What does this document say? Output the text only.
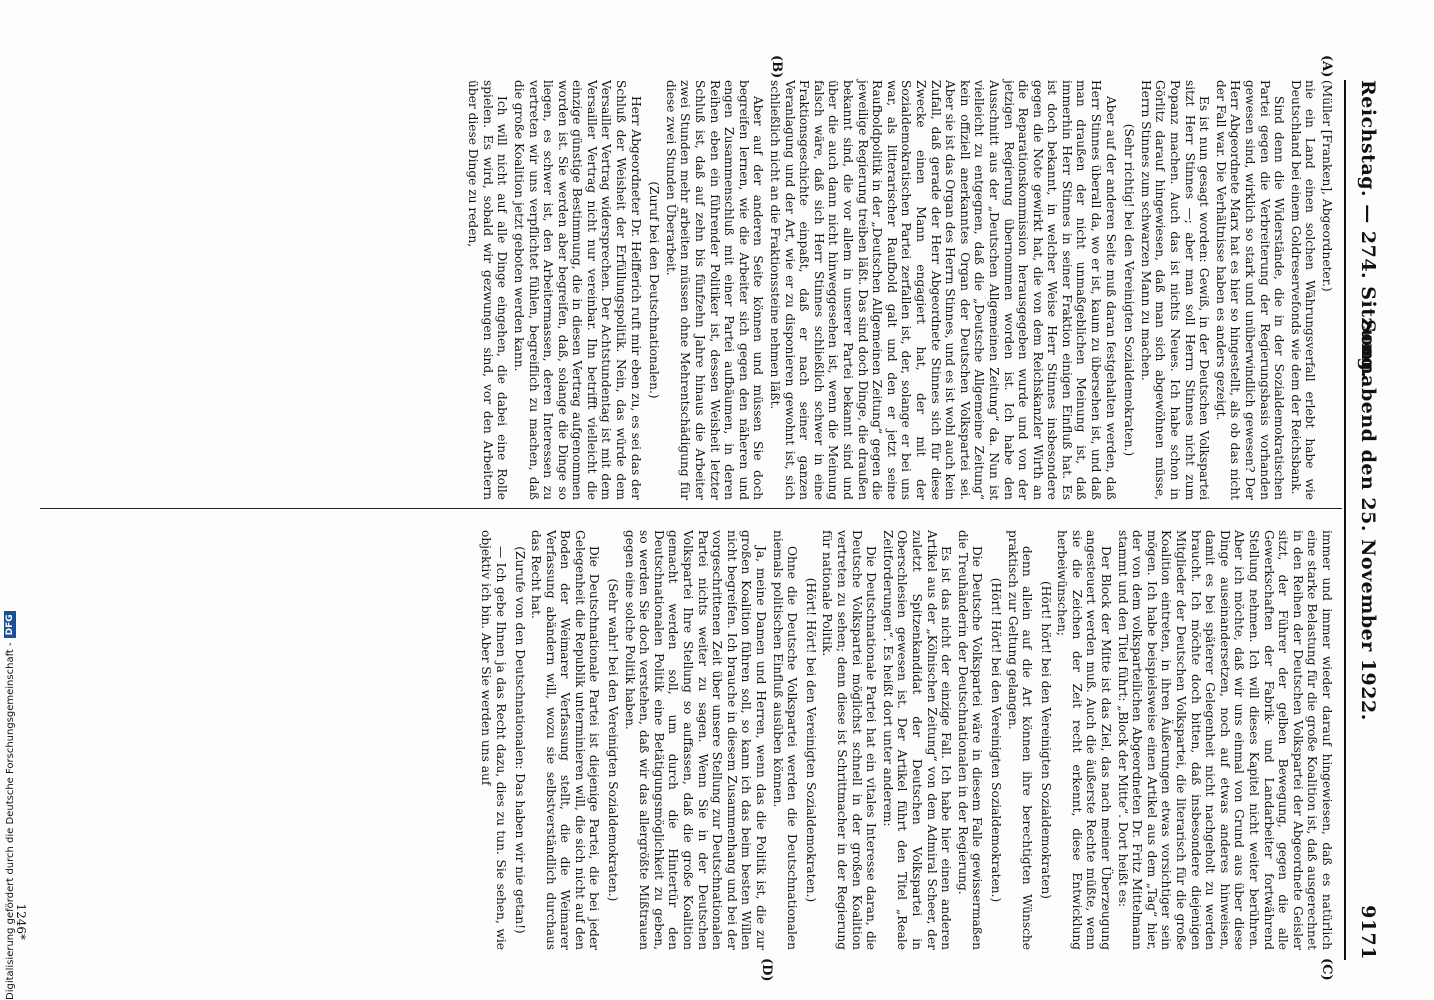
Reichstag. — 274. Sitzung.
Sonnabend den 25. November 1922.
9171
(A)
(B)
(C)
(D)

(Müller [Franken], Abgeordneter.)

nie ein Land einen solchen Währungsverfall erlebt habe wie Deutschland bei einem Goldreservefonds wie dem der Reichsbank.

Sind denn die Widerstände, die in der Sozialdemokratischen Partei gegen die Verbreiterung der Regierungsbasis vorhanden gewesen sind, wirklich so stark und unüberwindlich gewesen? Der Herr Abgeordnete Marx hat es hier so hingestellt, als ob das nicht der Fall war. Die Verhältnisse haben es anders gezeigt.

Es ist nun gesagt worden: Gewiß, in der Deutschen Volkspartei sitzt Herr Stinnes —; aber man soll Herrn Stinnes nicht zum Popanz machen. Auch das ist nichts Neues. Ich habe schon in Görlitz darauf hingewiesen, daß man sich abgewöhnen müsse, Herrn Stinnes zum schwarzen Mann zu machen.

(Sehr richtig! bei den Vereinigten Sozialdemokraten.)

Aber auf der anderen Seite muß daran festgehalten werden, daß Herr Stinnes überall da, wo er ist, kaum zu übersehen ist, und daß man draußen der nicht unmaßgeblichen Meinung ist, daß immerhin Herr Stinnes in seiner Fraktion einigen Einfluß hat. Es ist doch bekannt, in welcher Weise Herr Stinnes insbesondere gegen die Note gewirkt hat, die von dem Reichskanzler Wirth an die Reparationskommission herausgegeben wurde und von der jetzigen Regierung übernommen worden ist. Ich habe den Ausschnitt aus der „Deutschen Allgemeinen Zeitung“ da. Nun ist vielleicht zu entgegnen, daß die „Deutsche Allgemeine Zeitung“ kein offiziell anerkanntes Organ der Deutschen Volkspartei sei. Aber sie ist das Organ des Herrn Stinnes, und es ist wohl auch kein Zufall, daß gerade der Herr Abgeordnete Stinnes sich für diese Zwecke einen Mann engagiert hat, der mit der Sozialdemokratischen Partei zerfallen ist, der, solange er bei uns war, als litterarischer Raufbold galt und den er jetzt seine Raufboldpolitik in der „Deutschen Allgemeinen Zeitung“ gegen die jeweilige Regierung treiben läßt. Das sind doch Dinge, die draußen bekannt sind, die vor allem in unserer Partei bekannt sind und über die auch dann nicht hinweggesehen ist, wenn die Meinung falsch wäre, daß sich Herr Stinnes schließlich schwer in eine Fraktionsgeschichte einpaßt, daß er nach seiner ganzen Veranlagung und der Art, wie er zu disponieren gewohnt ist, sich schließlich nicht an die Fraktionssteine nehmen läßt.

Aber auf der anderen Seite können und müssen Sie doch begreifen lernen, wie die Arbeiter sich gegen den näheren und engen Zusammenschluß mit einer Partei aufbäumen, in deren Reihen eben ein führender Politiker ist, dessen Weisheit letzter Schluß ist, daß auf zehn bis fünfzehn Jahre hinaus die Arbeiter zwei Stunden mehr arbeiten müssen ohne Mehrentschädigung für diese zwei Stunden Überarbeit.

(Zuruf bei den Deutschnationalen.)

Herr Abgeordneter Dr. Helfferich ruft mir eben zu, es sei das der Schluß der Weisheit der Erfüllungspolitik. Nein, das würde dem Versailler Vertrag widersprechen. Der Achtstundentag ist mit dem Versailler Vertrag nicht nur vereinbar. Ihn betrifft vielleicht die einzige günstige Bestimmung, die in diesen Vertrag aufgenommen worden ist. Sie werden aber begreifen, daß, solange die Dinge so liegen, es schwer ist, den Arbeitermassen, deren Interessen zu vertreten wir uns verpflichtet fühlen, begreiflich zu machen, daß die große Koalition jetzt geboten werden kann.

Ich will nicht auf alle Dinge eingehen, die dabei eine Rolle spielen. Es wird, sobald wir gezwungen sind, vor den Arbeitern über diese Dinge zu reden,

immer und immer wieder darauf hingewiesen, daß es natürlich eine starke Belastung für die große Koalition ist, daß ausgerechnet in den Reihen der Deutschen Volkspartei der Abgeordnete Geisler sitzt, der Führer der gelben Bewegung, gegen die alle Gewerkschaften der Fabrik- und Landarbeiter fortwährend Stellung nehmen. Ich will dieses Kapitel nicht weiter berühren. Aber ich möchte, daß wir uns einmal von Grund aus über diese Dinge auseinandersetzen, noch auf etwas anderes hinweisen, damit es bei späterer Gelegenheit nicht nachgeholt zu werden braucht. Ich möchte doch bitten, daß insbesondere diejenigen Mitglieder der Deutschen Volkspartei, die literarisch für die große Koalition eintreten, in ihren Äußerungen etwas vorsichtiger sein mögen. Ich habe beispielsweise einen Artikel aus dem „Tag“ hier, der von dem volksparteilichen Abgeordneten Dr. Fritz Mittelmann stammt und den Titel führt: „Block der Mitte“. Dort heißt es:

Der Block der Mitte ist das Ziel, das nach meiner Überzeugung angesteuert werden muß. Auch die äußerste Rechte müßte, wenn sie die Zeichen der Zeit recht erkennt, diese Entwicklung herbeiwünschen;

(Hört! hört! bei den Vereinigten Sozialdemokraten)

denn allein auf die Art können ihre berechtigten Wünsche praktisch zur Geltung gelangen.

(Hört! Hört! bei den Vereinigten Sozialdemokraten.)

Die Deutsche Volkspartei wäre in diesem Falle gewissermaßen die Treuhänderin der Deutschnationalen in der Regierung.

Es ist das nicht der einzige Fall. Ich habe hier einen anderen Artikel aus der „Kölnischen Zeitung“ von dem Admiral Scheer, der zuletzt Spitzenkandidat der Deutschen Volkspartei in Oberschlesien gewesen ist. Der Artikel führt den Titel „Reale Zeitforderungen“. Es heißt dort unter anderem:

Die Deutschnationale Partei hat ein vitales Interesse daran, die Deutsche Volkspartei möglichst schnell in der großen Koalition vertreten zu sehen; denn diese ist Schrittmacher in der Regierung für nationale Politik.

(Hört! Hört! bei den Vereinigten Sozialdemokraten.)

Ohne die Deutsche Volkspartei werden die Deutschnationalen niemals politischen Einfluß ausüben können.

Ja, meine Damen und Herren, wenn das die Politik ist, die zur großen Koalition führen soll, so kann ich das beim besten Willen nicht begreifen. Ich brauche in diesem Zusammenhang und bei der vorgeschrittenen Zeit über unsere Stellung zur Deutschnationalen Partei nichts weiter zu sagen. Wenn Sie in der Deutschen Volkspartei Ihre Stellung so auffassen, daß die große Koalition gemacht werden soll, um durch die Hintertür den Deutschnationalen Politik eine Betätigungsmöglichkeit zu geben, so werden Sie doch verstehen, daß wir das allergrößte Mißtrauen gegen eine solche Politik haben.

(Sehr wahr! bei den Vereinigten Sozialdemokraten.)

Die Deutschnationale Partei ist diejenige Partei, die bei jeder Gelegenheit die Republik unterminieren will, die sich nicht auf den Boden der Weimarer Verfassung stellt, die die Weimarer Verfassung abändern will, wozu sie selbstverständlich durchaus das Recht hat.

(Zurufe von den Deutschnationalen: Das haben wir nie getan!)

— Ich gebe Ihnen ja das Recht dazu, dies zu tun. Sie sehen, wie objektiv ich bin. Aber Sie werden uns auf

1246*
Digitalisierung gefördert durch die Deutsche Forschungsgemeinschaft -
DFG
